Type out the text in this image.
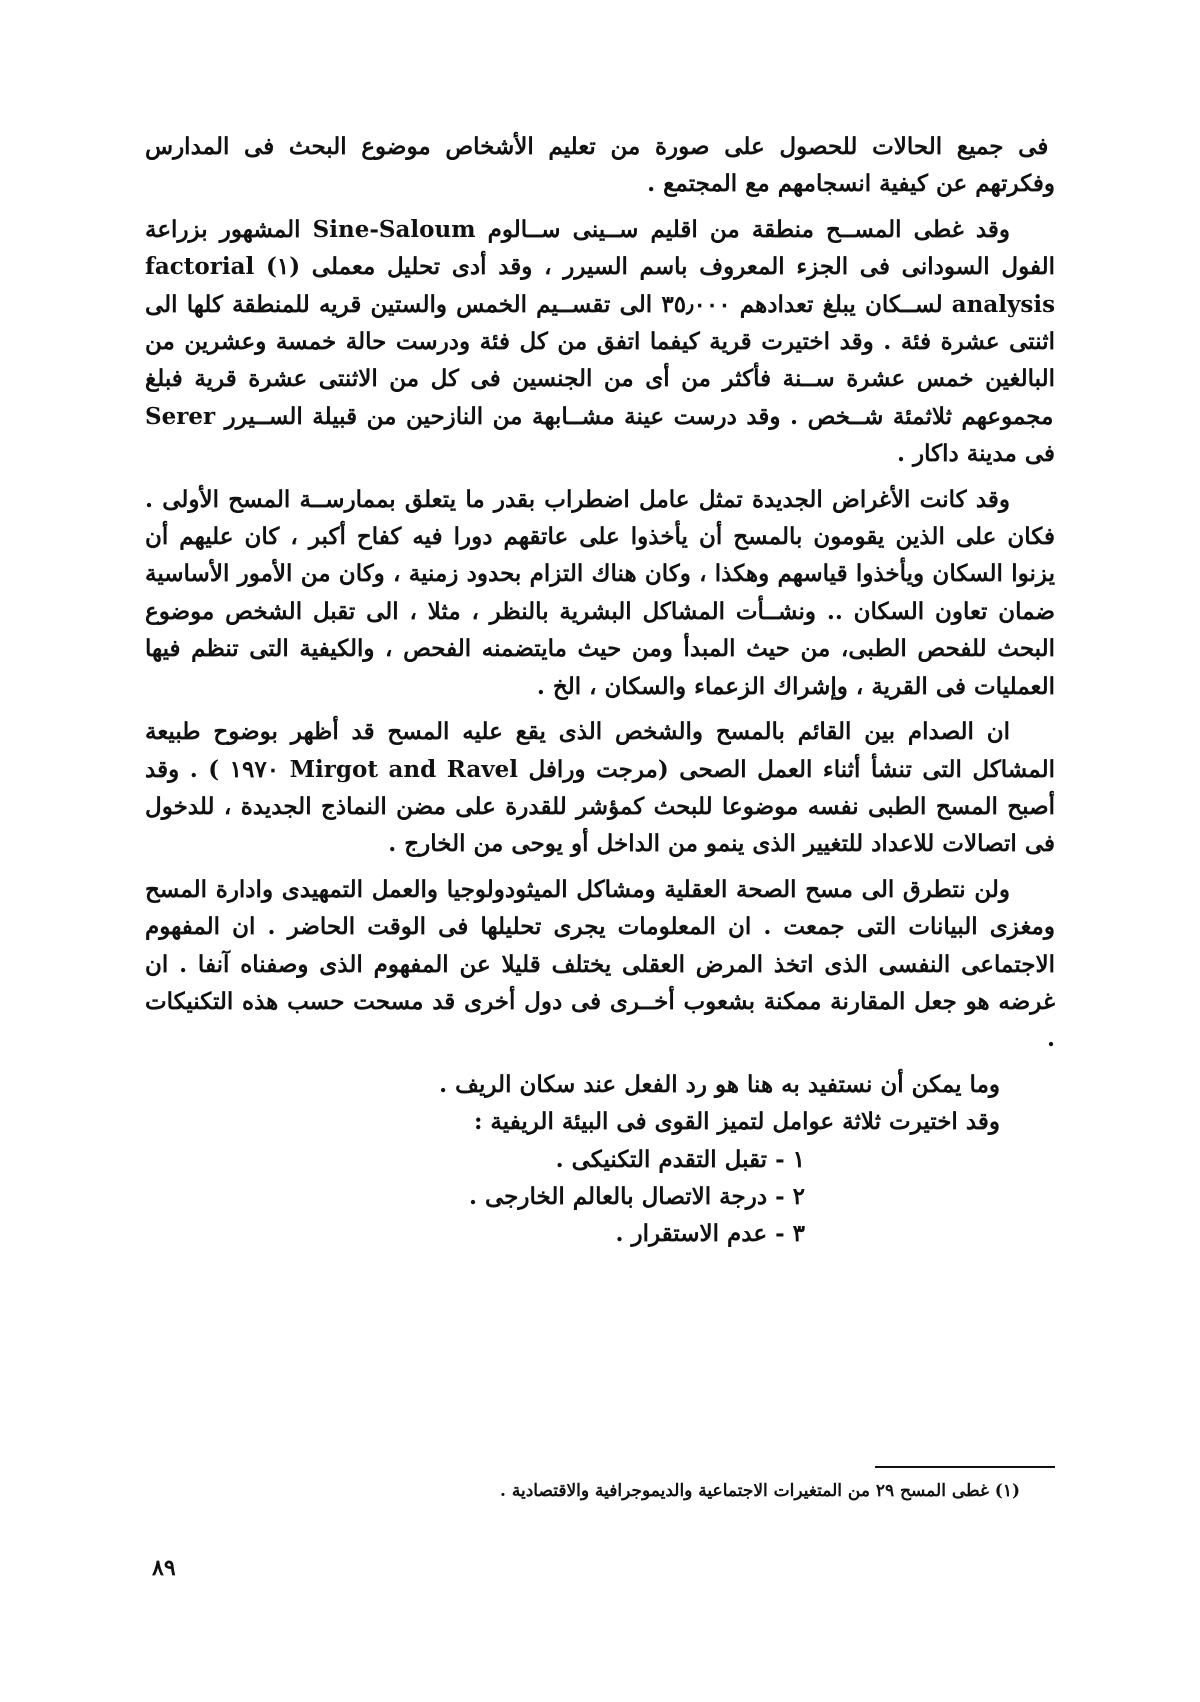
فى جميع الحالات للحصول على صورة من تعليم الأشخاص موضوع البحث فى المدارس وفكرتهم عن كيفية انسجامهم مع المجتمع .

وقد غطى المســح منطقة من اقليم ســينى ســالوم Sine-Saloum المشهور بزراعة الفول السودانى فى الجزء المعروف باسم السيرر ، وقد أدى تحليل معملى (١) factorial analysis لســكان يبلغ تعدادهم ٣٥٫٠٠٠ الى تقســيم الخمس والستين قريه للمنطقة كلها الى اثنتى عشرة فئة . وقد اختيرت قرية كيفما اتفق من كل فئة ودرست حالة خمسة وعشرين من البالغين خمس عشرة ســنة فأكثر من أى من الجنسين فى كل من الاثنتى عشرة قرية فبلغ مجموعهم ثلاثمئة شــخص . وقد درست عينة مشــابهة من النازحين من قبيلة الســيرر Serer فى مدينة داكار .

وقد كانت الأغراض الجديدة تمثل عامل اضطراب بقدر ما يتعلق بممارســة المسح الأولى . فكان على الذين يقومون بالمسح أن يأخذوا على عاتقهم دورا فيه كفاح أكبر ، كان عليهم أن يزنوا السكان ويأخذوا قياسهم وهكذا ، وكان هناك التزام بحدود زمنية ، وكان من الأمور الأساسية ضمان تعاون السكان .. ونشــأت المشاكل البشرية بالنظر ، مثلا ، الى تقبل الشخص موضوع البحث للفحص الطبى، من حيث المبدأ ومن حيث مايتضمنه الفحص ، والكيفية التى تنظم فيها العمليات فى القرية ، وإشراك الزعماء والسكان ، الخ .

ان الصدام بين القائم بالمسح والشخص الذى يقع عليه المسح قد أظهر بوضوح طبيعة المشاكل التى تنشأ أثناء العمل الصحى (مرجت ورافل Mirgot and Ravel ١٩٧٠ ) . وقد أصبح المسح الطبى نفسه موضوعا للبحث كمؤشر للقدرة على مضن النماذج الجديدة ، للدخول فى اتصالات للاعداد للتغيير الذى ينمو من الداخل أو يوحى من الخارج .

ولن نتطرق الى مسح الصحة العقلية ومشاكل الميثودولوجيا والعمل التمهيدى وادارة المسح ومغزى البيانات التى جمعت . ان المعلومات يجرى تحليلها فى الوقت الحاضر . ان المفهوم الاجتماعى النفسى الذى اتخذ المرض العقلى يختلف قليلا عن المفهوم الذى وصفناه آنفا . ان غرضه هو جعل المقارنة ممكنة بشعوب أخــرى فى دول أخرى قد مسحت حسب هذه التكنيكات .

وما يمكن أن نستفيد به هنا هو رد الفعل عند سكان الريف .

وقد اختيرت ثلاثة عوامل لتميز القوى فى البيئة الريفية :

١ - تقبل التقدم التكنيكى .

٢ - درجة الاتصال بالعالم الخارجى .

٣ - عدم الاستقرار .

(١) غطى المسح ٢٩ من المتغيرات الاجتماعية والديموجرافية والاقتصادية .
٨٩
